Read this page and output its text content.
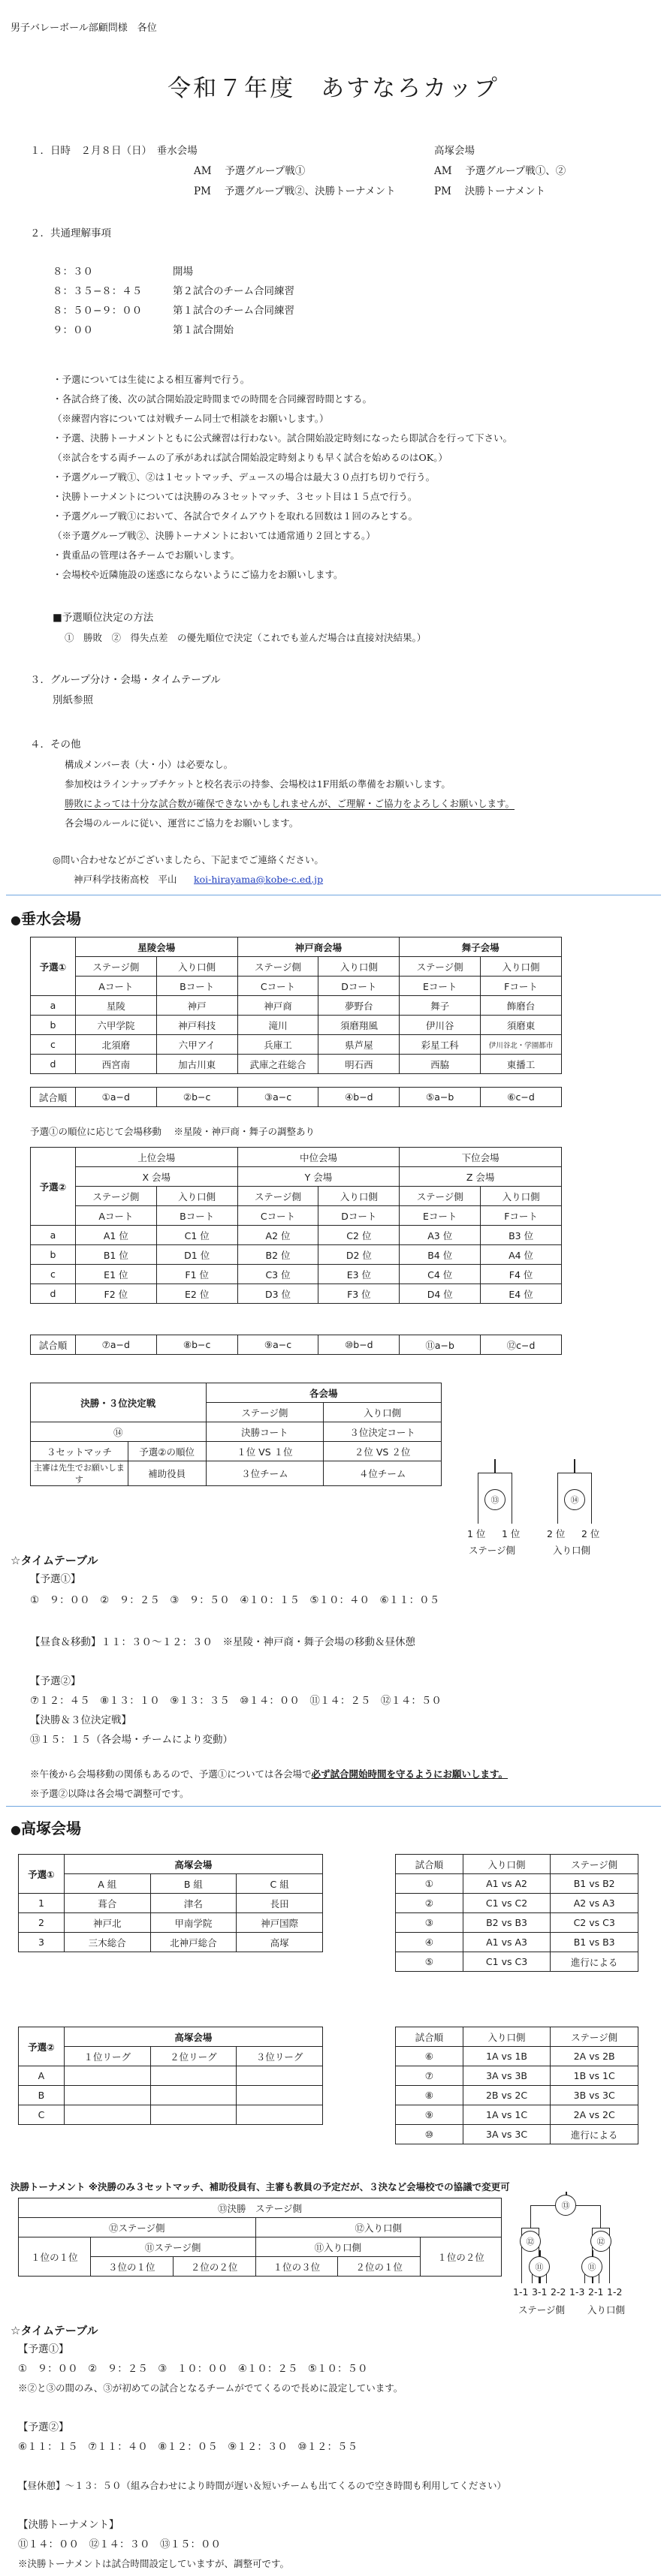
男子バレーボール部顧問様　各位
令和７年度　あすなろカップ
１．日時　２月８日（日）　垂水会場	高塚会場
AM　 予選グループ戦①	AM　 予選グループ戦①、②
PM　 予選グループ戦②、決勝トーナメント	PM　 決勝トーナメント
２．共通理解事項
８：３０	開場
８：３５−８：４５	第２試合のチーム合同練習
８：５０−９：００	第１試合のチーム合同練習
９：００	第１試合開始
・予選については生徒による相互審判で行う。
・各試合終了後、次の試合開始設定時間までの時間を合同練習時間とする。
（※練習内容については対戦チーム同士で相談をお願いします。）
・予選、決勝トーナメントともに公式練習は行わない。試合開始設定時刻になったら即試合を行って下さい。
（※試合をする両チームの了承があれば試合開始設定時刻よりも早く試合を始めるのはOK。）
・予選グループ戦①、②は１セットマッチ、デュースの場合は最大３０点打ち切りで行う。
・決勝トーナメントについては決勝のみ３セットマッチ、３セット目は１５点で行う。
・予選グループ戦①において、各試合でタイムアウトを取れる回数は１回のみとする。
（※予選グループ戦②、決勝トーナメントにおいては通常通り２回とする。）
・貴重品の管理は各チームでお願いします。
・会場校や近隣施設の迷惑にならないようにご協力をお願いします。
■予選順位決定の方法
①　勝敗　②　得失点差　の優先順位で決定（これでも並んだ場合は直接対決結果。）
３．グループ分け・会場・タイムテーブル
別紙参照
４．その他
構成メンバー表（大・小）は必要なし。
参加校はラインナップチケットと校名表示の持参、会場校は1F用紙の準備をお願いします。
勝敗によっては十分な試合数が確保できないかもしれませんが、ご理解・ご協力をよろしくお願いします。
各会場のルールに従い、運営にご協力をお願いします。
◎問い合わせなどがございましたら、下記までご連絡ください。
神戸科学技術高校　平山 koi-hirayama@kobe-c.ed.jp
●垂水会場
予選①	星陵会場		神戸商会場		舞子会場	
	ステージ側	入り口側	ステージ側	入り口側	ステージ側	入り口側
	Aコート	Bコート	Cコート	Dコート	Eコート	Fコート
a	星陵	神戸	神戸商	夢野台	舞子	飾磨台
b	六甲学院	神戸科技	滝川	須磨翔風	伊川谷	須磨東
c	北須磨	六甲アイ	兵庫工	県芦屋	彩星工科	伊川谷北・学園都市
d	西宮南	加古川東	武庫之荘総合	明石西	西脇	東播工
試合順	①a−d	②b−c	③a−c	④b−d	⑤a−b	⑥c−d
予選①の順位に応じて会場移動　 ※星陵・神戸商・舞子の調整あり
予選②	上位会場		中位会場		下位会場	
	X 会場		Y 会場		Z 会場	
	ステージ側	入り口側	ステージ側	入り口側	ステージ側	入り口側
	Aコート	Bコート	Cコート	Dコート	Eコート	Fコート
a	A1 位	C1 位	A2 位	C2 位	A3 位	B3 位
b	B1 位	D1 位	B2 位	D2 位	B4 位	A4 位
c	E1 位	F1 位	C3 位	E3 位	C4 位	F4 位
d	F2 位	E2 位	D3 位	F3 位	D4 位	E4 位
試合順	⑦a−d	⑧b−c	⑨a−c	⑩b−d	⑪a−b	⑫c−d
決勝・３位決定戦		各会場	
		ステージ側	入り口側
⑭		決勝コート	３位決定コート
３セットマッチ	予選②の順位	１位 VS １位	２位 VS ２位
主審は先生でお願いします	補助役員	３位チーム	４位チーム
⑬	⑭
1 位 1 位	2 位 2 位
ステージ側	入り口側
☆タイムテーブル
【予選①】
①　９：００　②　９：２５　③　９：５０　④１０：１５　⑤１０：４０　⑥１１：０５
【昼食＆移動】１１：３０〜１２：３０　※星陵・神戸商・舞子会場の移動＆昼休憩
【予選②】
⑦１２：４５　⑧１３：１０　⑨１３：３５　⑩１４：００　⑪１４：２５　⑫１４：５０
【決勝＆３位決定戦】
⑬１５：１５（各会場・チームにより変動）
※午後から会場移動の関係もあるので、予選①については各会場で必ず試合開始時間を守るようにお願いします。
※予選②以降は各会場で調整可です。
●高塚会場
予選①	高塚会場		
	A 組	B 組	C 組
1	葺合	津名	長田
2	神戸北	甲南学院	神戸国際
3	三木総合	北神戸総合	高塚
試合順	入り口側	ステージ側
①	A1 vs A2	B1 vs B2
②	C1 vs C2	A2 vs A3
③	B2 vs B3	C2 vs C3
④	A1 vs A3	B1 vs B3
⑤	C1 vs C3	進行による
予選②	高塚会場		
	１位リーグ	２位リーグ	３位リーグ
A			
B			
C			
試合順	入り口側	ステージ側
⑥	1A vs 1B	2A vs 2B
⑦	3A vs 3B	1B vs 1C
⑧	2B vs 2C	3B vs 3C
⑨	1A vs 1C	2A vs 2C
⑩	3A vs 3C	進行による
決勝トーナメント ※決勝のみ３セットマッチ、補助役員有、主審も教員の予定だが、３決など会場校での協議で変更可
⑬決勝　ステージ側					
⑫ステージ側			⑫入り口側		
１位の１位	⑪ステージ側		⑪入り口側		１位の２位
	３位の１位	２位の２位	１位の３位	２位の１位	
⑬
⑫	⑫
⑪	⑪
1-1 3-1 2-2 1-3 2-1 1-2
ステージ側 入り口側
☆タイムテーブル
【予選①】
①　９：００　②　９：２５　③　１０：００　④１０：２５　⑤１０：５０
※②と③の間のみ、③が初めての試合となるチームがでてくるので長めに設定しています。
【予選②】
⑥１１：１５　⑦１１：４０　⑧１２：０５　⑨１２：３０　⑩１２：５５
【昼休憩】〜１３：５０（組み合わせにより時間が遅い＆短いチームも出てくるので空き時間も利用してください）
【決勝トーナメント】
⑪１４：００　⑫１４：３０　⑬１５：００
※決勝トーナメントは試合時間設定していますが、調整可です。
